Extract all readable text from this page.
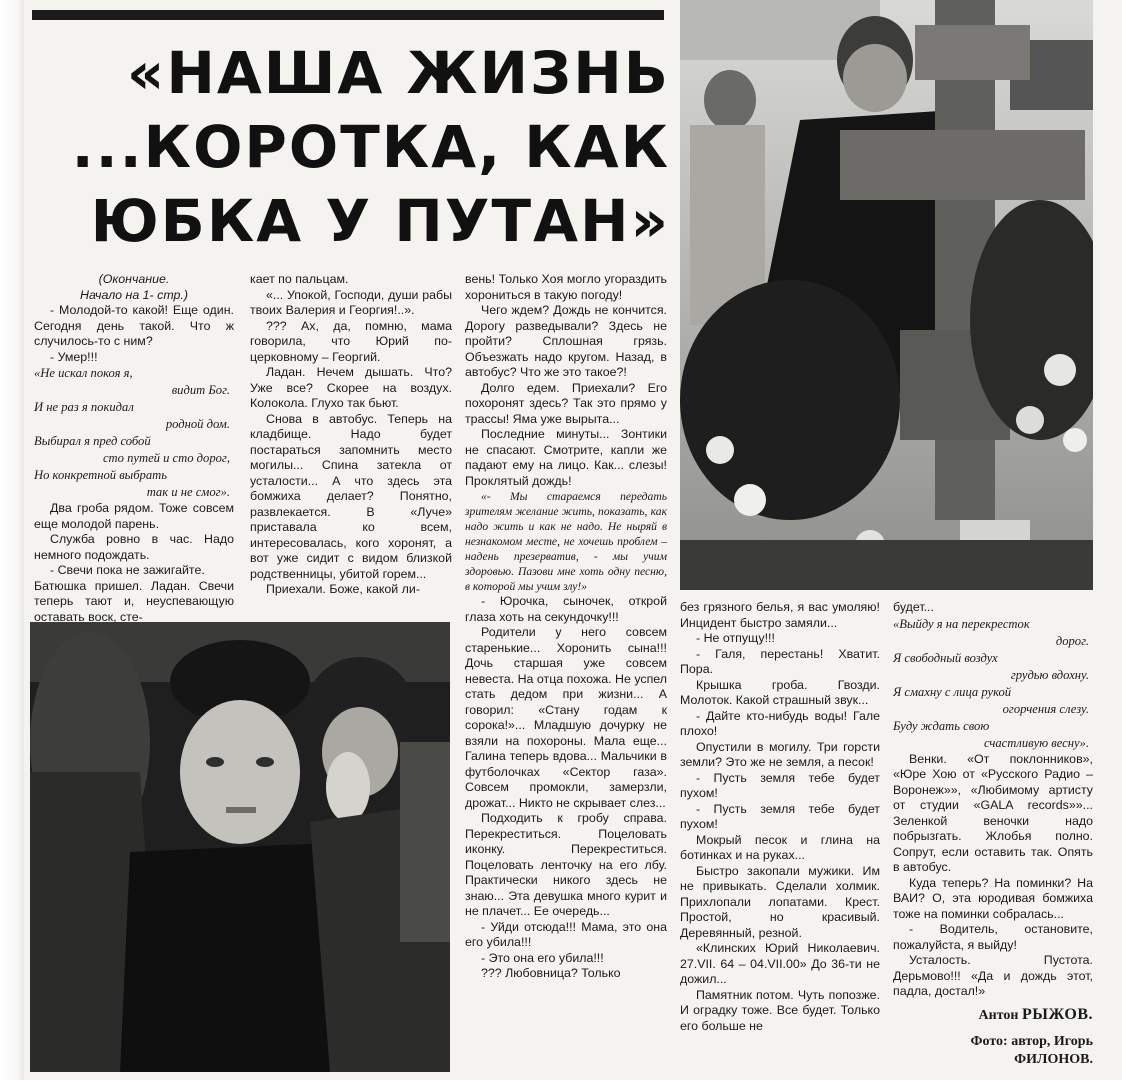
«НАША ЖИЗНЬ
...КОРОТКА, КАК
ЮБКА У ПУТАН»

(Окончание.

Начало на 1- стр.)

- Молодой-то какой! Еще один. Сегодня день такой. Что ж случилось-то с ним?

- Умер!!!

«Не искал покоя я,
видит Бог.
И не раз я покидал
родной дом.
Выбирал я пред собой
сто путей и сто дорог,
Но конкретной выбрать
так и не смог».

Два гроба рядом. Тоже совсем еще молодой парень.

Служба ровно в час. Надо немного подождать.

- Свечи пока не зажигайте.

Батюшка пришел. Ладан. Свечи теперь тают и, неуспевающую оставать воск, сте-

кает по пальцам.

«... Упокой, Господи, души рабы твоих Валерия и Георгия!..».

??? Ах, да, помню, мама говорила, что Юрий по-церковному – Георгий.

Ладан. Нечем дышать. Что? Уже все? Скорее на воздух. Колокола. Глухо так бьют.

Снова в автобус. Теперь на кладбище. Надо будет постараться запомнить место могилы... Спина затекла от усталости... А что здесь эта бомжиха делает? Понятно, развлекается. В «Луче» приставала ко всем, интересовалась, кого хоронят, а вот уже сидит с видом близкой родственницы, убитой горем...

Приехали. Боже, какой ли-

вень! Только Хоя могло угораздить хорониться в такую погоду!

Чего ждем? Дождь не кончится. Дорогу разведывали? Здесь не пройти? Сплошная грязь. Объезжать надо кругом. Назад, в автобус? Что же это такое?!

Долго едем. Приехали? Его похоронят здесь? Так это прямо у трассы! Яма уже вырыта...

Последние минуты... Зонтики не спасают. Смотрите, капли же падают ему на лицо. Как... слезы! Проклятый дождь!

«- Мы стараемся передать зрителям желание жить, показать, как надо жить и как не надо. Не ныряй в незнакомом месте, не хочешь проблем – надень презерватив, - мы учим здоровью. Пазови мне хоть одну песню, в которой мы учим злу!»

- Юрочка, сыночек, открой глаза хоть на секундочку!!!

Родители у него совсем старенькие... Хоронить сына!!! Дочь старшая уже совсем невеста. На отца похожа. Не успел стать дедом при жизни... А говорил: «Стану годам к сорока!»... Младшую дочурку не взяли на похороны. Мала еще... Галина теперь вдова... Мальчики в футболочках «Сектор газа». Совсем промокли, замерзли, дрожат... Никто не скрывает слез...

Подходить к гробу справа. Перекреститься. Поцеловать иконку. Перекреститься. Поцеловать ленточку на его лбу. Практически никого здесь не знаю... Эта девушка много курит и не плачет... Ее очередь...

- Уйди отсюда!!! Мама, это она его убила!!!

- Это она его убила!!!

??? Любовница? Только

без грязного белья, я вас умоляю! Инцидент быстро замяли...

- Не отпущу!!!

- Галя, перестань! Хватит. Пора.

Крышка гроба. Гвозди. Молоток. Какой страшный звук...

- Дайте кто-нибудь воды! Гале плохо!

Опустили в могилу. Три горсти земли? Это же не земля, а песок!

- Пусть земля тебе будет пухом!

- Пусть земля тебе будет пухом!

Мокрый песок и глина на ботинках и на руках...

Быстро закопали мужики. Им не привыкать. Сделали холмик. Прихлопали лопатами. Крест. Простой, но красивый. Деревянный, резной.

«Клинских Юрий Николаевич. 27.VII. 64 – 04.VII.00» До 36-ти не дожил...

Памятник потом. Чуть попозже. И оградку тоже. Все будет. Только его больше не

будет...

«Выйду я на перекресток
дорог.
Я свободный воздух
грудью вдохну.
Я смахну с лица рукой
огорчения слезу.
Буду ждать свою
счастливую весну».

Венки. «От поклонников», «Юре Хою от «Русского Радио – Воронеж»», «Любимому артисту от студии «GALA records»»... Зеленкой веночки надо побрызгать. Жлобья полно. Сопрут, если оставить так. Опять в автобус.

Куда теперь? На поминки? На ВАИ? О, эта юродивая бомжиха тоже на поминки собралась...

- Водитель, остановите, пожалуйста, я выйду!

Усталость. Пустота. Дерьмово!!! «Да и дождь этот, падла, достал!»

Антон РЫЖОВ.
Фото: автор, Игорь
ФИЛОНОВ.
